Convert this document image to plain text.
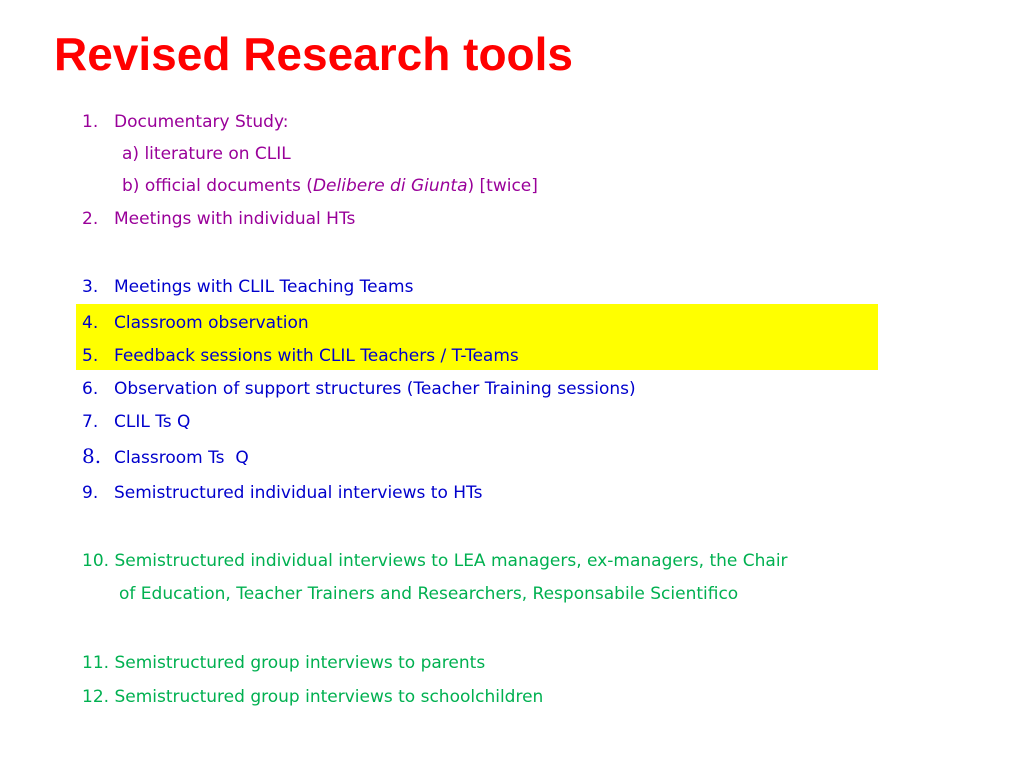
Revised Research tools
1. Documentary Study:
a) literature on CLIL
b) official documents (Delibere di Giunta) [twice]
2. Meetings with individual HTs
3. Meetings with CLIL Teaching Teams
4. Classroom observation
5. Feedback sessions with CLIL Teachers / T-Teams
6. Observation of support structures (Teacher Training sessions)
7. CLIL Ts Q
8. Classroom Ts  Q
9. Semistructured individual interviews to HTs
10. Semistructured individual interviews to LEA managers, ex-managers, the Chair
of Education, Teacher Trainers and Researchers, Responsabile Scientifico
11. Semistructured group interviews to parents
12. Semistructured group interviews to schoolchildren
